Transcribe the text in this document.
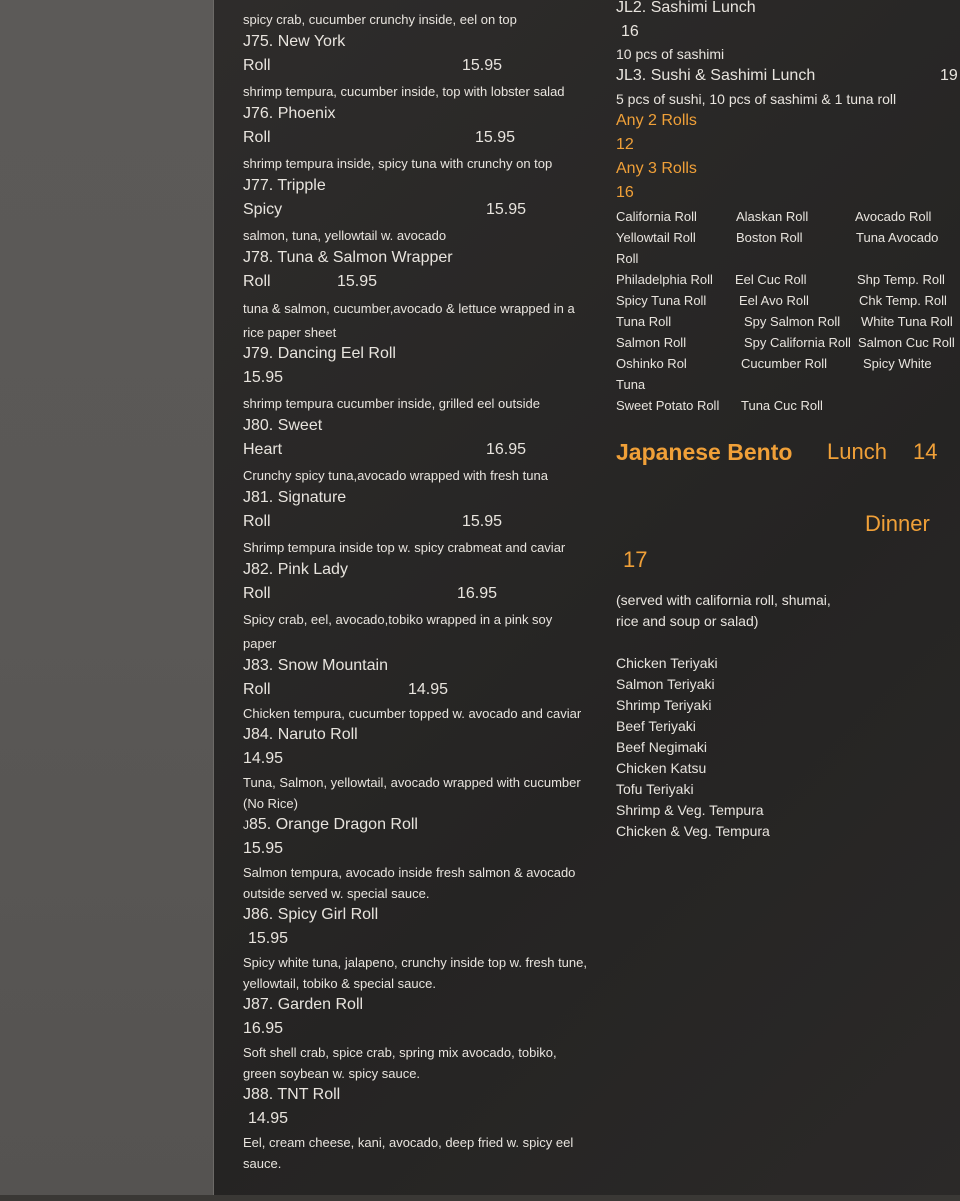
spicy crab, cucumber crunchy inside, eel on top
J75. New York
Roll	15.95
shrimp tempura, cucumber inside, top with lobster salad
J76. Phoenix
Roll	15.95
shrimp tempura inside, spicy tuna with crunchy on top
J77. Tripple
Spicy	15.95
salmon, tuna, yellowtail w. avocado
J78. Tuna & Salmon Wrapper
Roll	15.95
tuna & salmon, cucumber,avocado & lettuce wrapped in a rice paper sheet
J79. Dancing Eel Roll
15.95
shrimp tempura cucumber inside, grilled eel outside
J80. Sweet
Heart	16.95
Crunchy spicy tuna,avocado wrapped with fresh tuna
J81. Signature
Roll	15.95
Shrimp tempura inside top w. spicy crabmeat and caviar
J82. Pink Lady
Roll	16.95
Spicy crab, eel, avocado,tobiko wrapped in a pink soy paper
J83. Snow Mountain
Roll	14.95
Chicken tempura, cucumber topped w. avocado and caviar
J84. Naruto Roll
14.95
Tuna, Salmon, yellowtail, avocado wrapped with cucumber (No Rice)
J85. Orange Dragon Roll
15.95
Salmon tempura, avocado inside fresh salmon & avocado outside served w. special sauce.
J86. Spicy Girl Roll
15.95
Spicy white tuna, jalapeno, crunchy inside top w. fresh tune, yellowtail, tobiko & special sauce.
J87. Garden Roll
16.95
Soft shell crab, spice crab, spring mix avocado, tobiko, green soybean w. spicy sauce.
J88. TNT Roll
14.95
Eel, cream cheese, kani, avocado, deep fried w. spicy eel sauce.
JL2. Sashimi Lunch
16
10 pcs of sashimi
JL3. Sushi & Sashimi Lunch	19
5 pcs of sushi, 10 pcs of sashimi & 1 tuna roll
Any 2 Rolls
12
Any 3 Rolls
16
California Roll	Alaskan Roll	Avocado Roll
Yellowtail Roll	Boston Roll	Tuna Avocado
Roll
Philadelphia Roll Eel Cuc Roll	Shp Temp. Roll
Spicy Tuna Roll	Eel Avo Roll	Chk Temp. Roll
Tuna Roll	Spy Salmon Roll White Tuna Roll
Salmon Roll	Spy California Roll Salmon Cuc Roll
Oshinko Rol	Cucumber Roll	Spicy White
Tuna
Sweet Potato Roll Tuna Cuc Roll
Japanese Bento Lunch 14
Dinner
17
(served with california roll, shumai,
rice and soup or salad)
Chicken Teriyaki
Salmon Teriyaki
Shrimp Teriyaki
Beef Teriyaki
Beef Negimaki
Chicken Katsu
Tofu Teriyaki
Shrimp & Veg. Tempura
Chicken & Veg. Tempura
